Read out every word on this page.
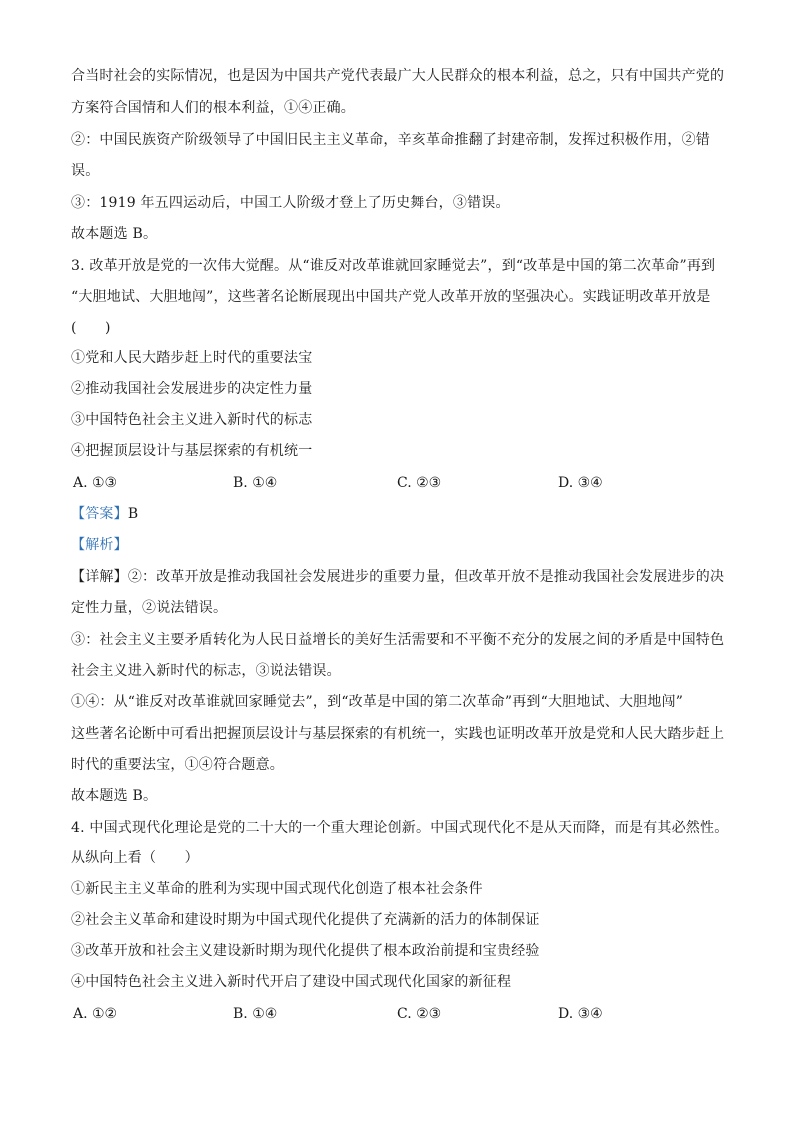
合当时社会的实际情况，也是因为中国共产党代表最广大人民群众的根本利益，总之，只有中国共产党的
方案符合国情和人们的根本利益，①④正确。
②：中国民族资产阶级领导了中国旧民主主义革命，辛亥革命推翻了封建帝制，发挥过积极作用，②错
误。
③：1919 年五四运动后，中国工人阶级才登上了历史舞台，③错误。
故本题选 B。
3. 改革开放是党的一次伟大觉醒。从“谁反对改革谁就回家睡觉去”，到“改革是中国的第二次革命”再到
“大胆地试、大胆地闯”，这些著名论断展现出中国共产党人改革开放的坚强决心。实践证明改革开放是
(　　)
①党和人民大踏步赶上时代的重要法宝
②推动我国社会发展进步的决定性力量
③中国特色社会主义进入新时代的标志
④把握顶层设计与基层探索的有机统一
A. ①③	B. ①④	C. ②③	D. ③④
【答案】B
【解析】
【详解】②：改革开放是推动我国社会发展进步的重要力量，但改革开放不是推动我国社会发展进步的决
定性力量，②说法错误。
③：社会主义主要矛盾转化为人民日益增长的美好生活需要和不平衡不充分的发展之间的矛盾是中国特色
社会主义进入新时代的标志，③说法错误。
①④：从“谁反对改革谁就回家睡觉去”，到“改革是中国的第二次革命”再到“大胆地试、大胆地闯”
这些著名论断中可看出把握顶层设计与基层探索的有机统一，实践也证明改革开放是党和人民大踏步赶上
时代的重要法宝，①④符合题意。
故本题选 B。
4. 中国式现代化理论是党的二十大的一个重大理论创新。中国式现代化不是从天而降，而是有其必然性。
从纵向上看（　　）
①新民主主义革命的胜利为实现中国式现代化创造了根本社会条件
②社会主义革命和建设时期为中国式现代化提供了充满新的活力的体制保证
③改革开放和社会主义建设新时期为现代化提供了根本政治前提和宝贵经验
④中国特色社会主义进入新时代开启了建设中国式现代化国家的新征程
A. ①②	B. ①④	C. ②③	D. ③④
